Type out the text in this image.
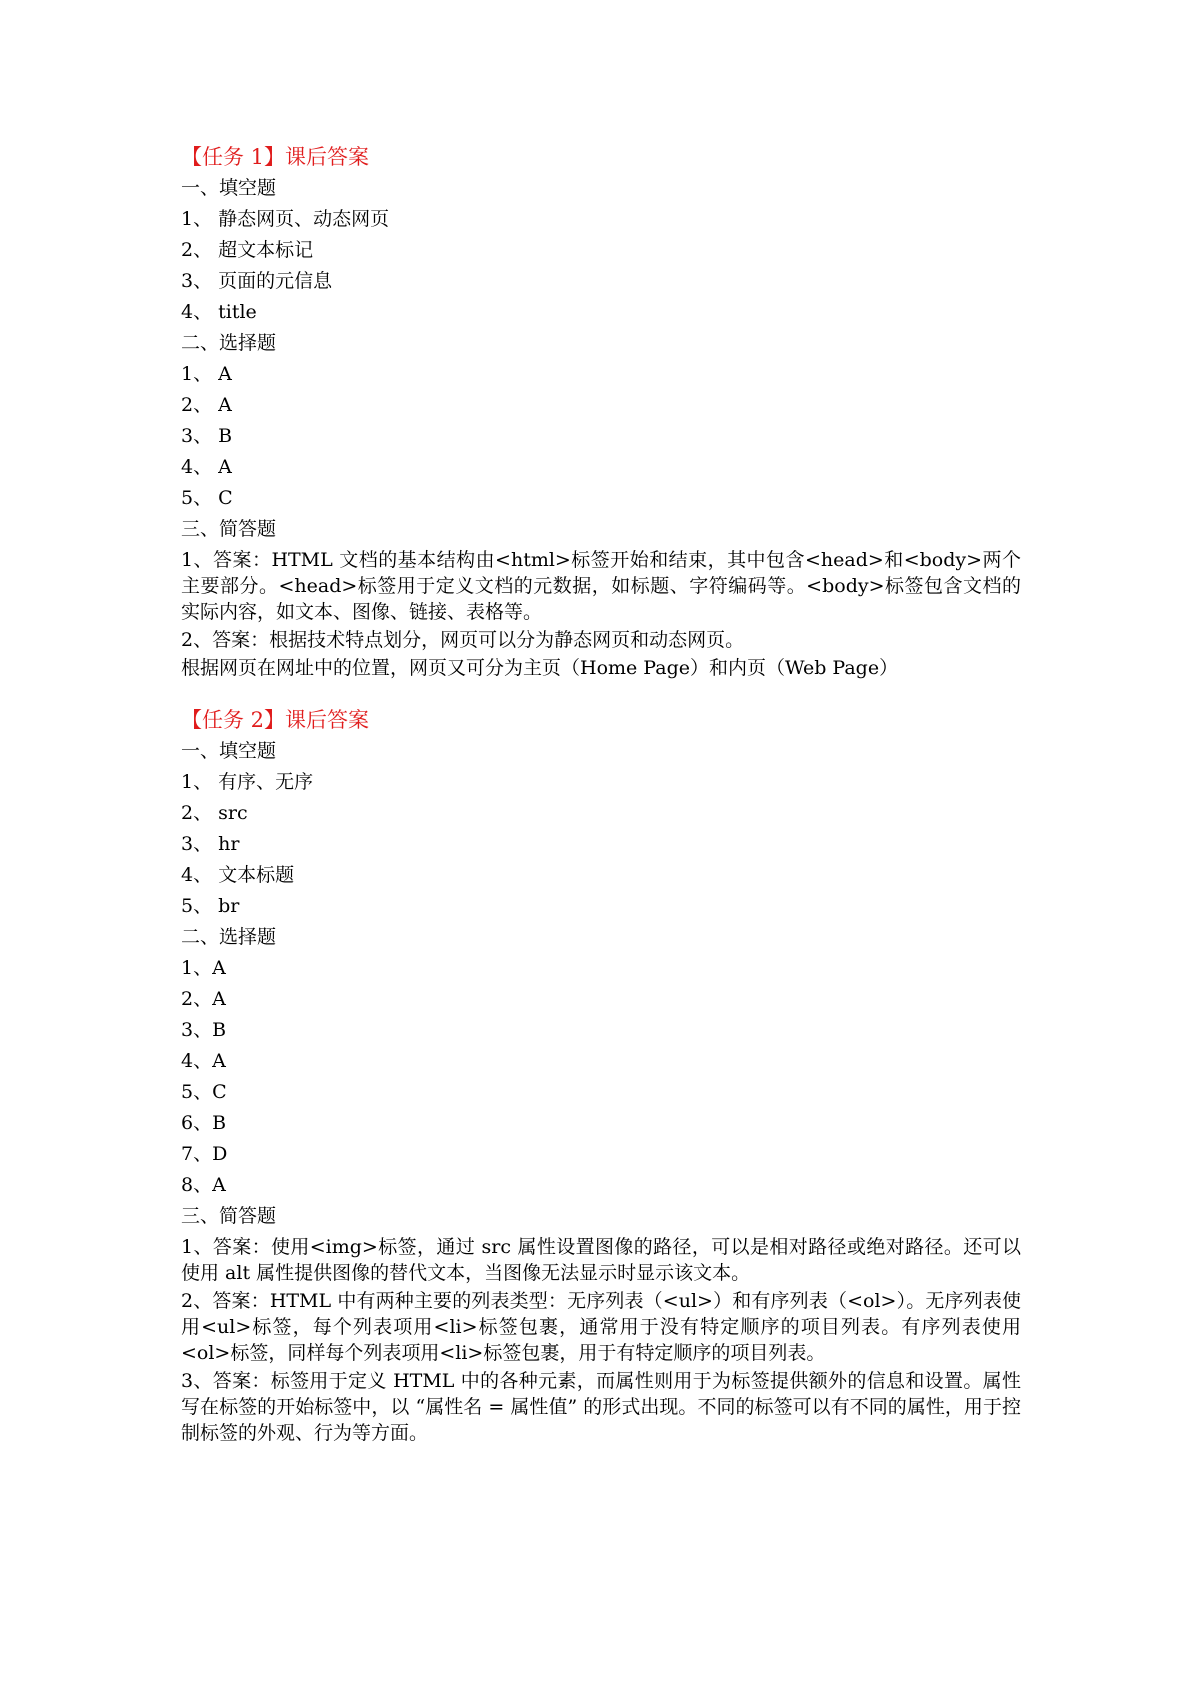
【任务 1】课后答案
一、填空题
1、 静态网页、动态网页
2、 超文本标记
3、 页面的元信息
4、 title
二、选择题
1、 A
2、 A
3、 B
4、 A
5、 C
三、简答题

1、答案：HTML 文档的基本结构由<html>标签开始和结束，其中包含<head>和<body>两个主要部分。<head>标签用于定义文档的元数据，如标题、字符编码等。<body>标签包含文档的实际内容，如文本、图像、链接、表格等。

2、答案：根据技术特点划分，网页可以分为静态网页和动态网页。

根据网页在网址中的位置，网页又可分为主页（Home Page）和内页（Web Page）

【任务 2】课后答案
一、填空题
1、 有序、无序
2、 src
3、 hr
4、 文本标题
5、 br
二、选择题
1、A
2、A
3、B
4、A
5、C
6、B
7、D
8、A
三、简答题

1、答案：使用<img>标签，通过 src 属性设置图像的路径，可以是相对路径或绝对路径。还可以使用 alt 属性提供图像的替代文本，当图像无法显示时显示该文本。

2、答案：HTML 中有两种主要的列表类型：无序列表（<ul>）和有序列表（<ol>）。无序列表使用<ul>标签，每个列表项用<li>标签包裹，通常用于没有特定顺序的项目列表。有序列表使用<ol>标签，同样每个列表项用<li>标签包裹，用于有特定顺序的项目列表。

3、答案：标签用于定义 HTML 中的各种元素，而属性则用于为标签提供额外的信息和设置。属性写在标签的开始标签中，以 “属性名 = 属性值” 的形式出现。不同的标签可以有不同的属性，用于控制标签的外观、行为等方面。
